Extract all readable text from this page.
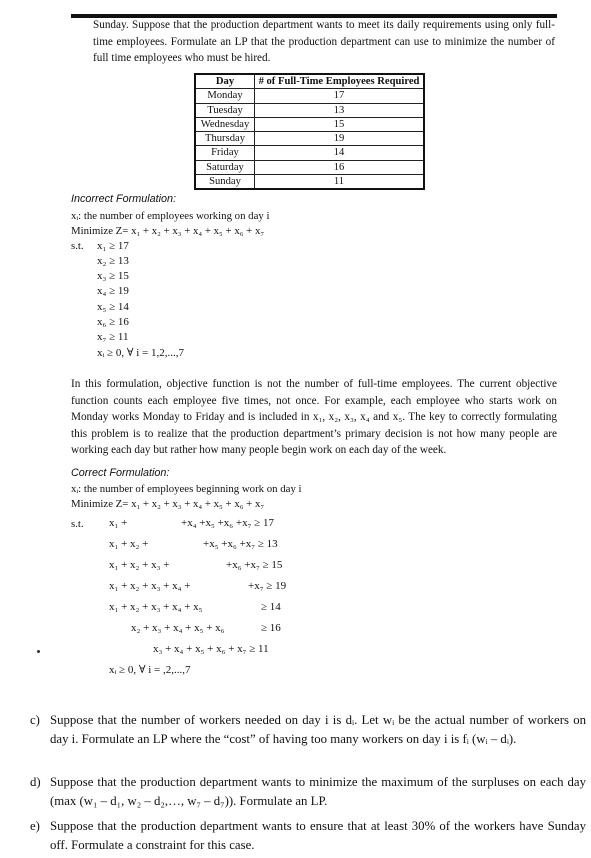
Sunday. Suppose that the production department wants to meet its daily requirements using only full-time employees. Formulate an LP that the production department can use to minimize the number of full time employees who must be hired.
Day	# of Full-Time Employees Required
Monday	17
Tuesday	13
Wednesday	15
Thursday	19
Friday	14
Saturday	16
Sunday	11
Incorrect Formulation:
xᵢ: the number of employees working on day i
Minimize Z= x₁ + x₂ + x₃ + x₄ + x₅ + x₆ + x₇
s.t. x₁ ≥ 17
x₂ ≥ 13
x₃ ≥ 15
x₄ ≥ 19
x₅ ≥ 14
x₆ ≥ 16
x₇ ≥ 11
xᵢ ≥ 0, ∀ i = 1,2,...,7
In this formulation, objective function is not the number of full-time employees. The current objective function counts each employee five times, not once. For example, each employee who starts work on Monday works Monday to Friday and is included in x₁, x₂, x₃, x₄ and x₅. The key to correctly formulating this problem is to realize that the production department’s primary decision is not how many people are working each day but rather how many people begin work on each day of the week.
Correct Formulation:
xᵢ: the number of employees beginning work on day i
Minimize Z= x₁ + x₂ + x₃ + x₄ + x₅ + x₆ + x₇
s.t. x₁ +	+x₄ +x₅ +x₆ +x₇ ≥ 17
x₁ + x₂ +	+x₅ +x₆ +x₇ ≥ 13
x₁ + x₂ + x₃ +	+x₆ +x₇ ≥ 15
x₁ + x₂ + x₃ + x₄ +	+x₇ ≥ 19
x₁ + x₂ + x₃ + x₄ + x₅	≥ 14
x₂ + x₃ + x₄ + x₅ + x₆	≥ 16
x₃ + x₄ + x₅ + x₆ + x₇ ≥ 11
xᵢ ≥ 0, ∀ i = ,2,...,7
c) Suppose that the number of workers needed on day i is dᵢ. Let wᵢ be the actual number of workers on day i. Formulate an LP where the “cost” of having too many workers on day i is fᵢ (wᵢ – dᵢ).
d) Suppose that the production department wants to minimize the maximum of the surpluses on each day (max (w₁ – d₁, w₂ – d₂,…, w₇ – d₇)). Formulate an LP.
e) Suppose that the production department wants to ensure that at least 30% of the workers have Sunday off. Formulate a constraint for this case.
